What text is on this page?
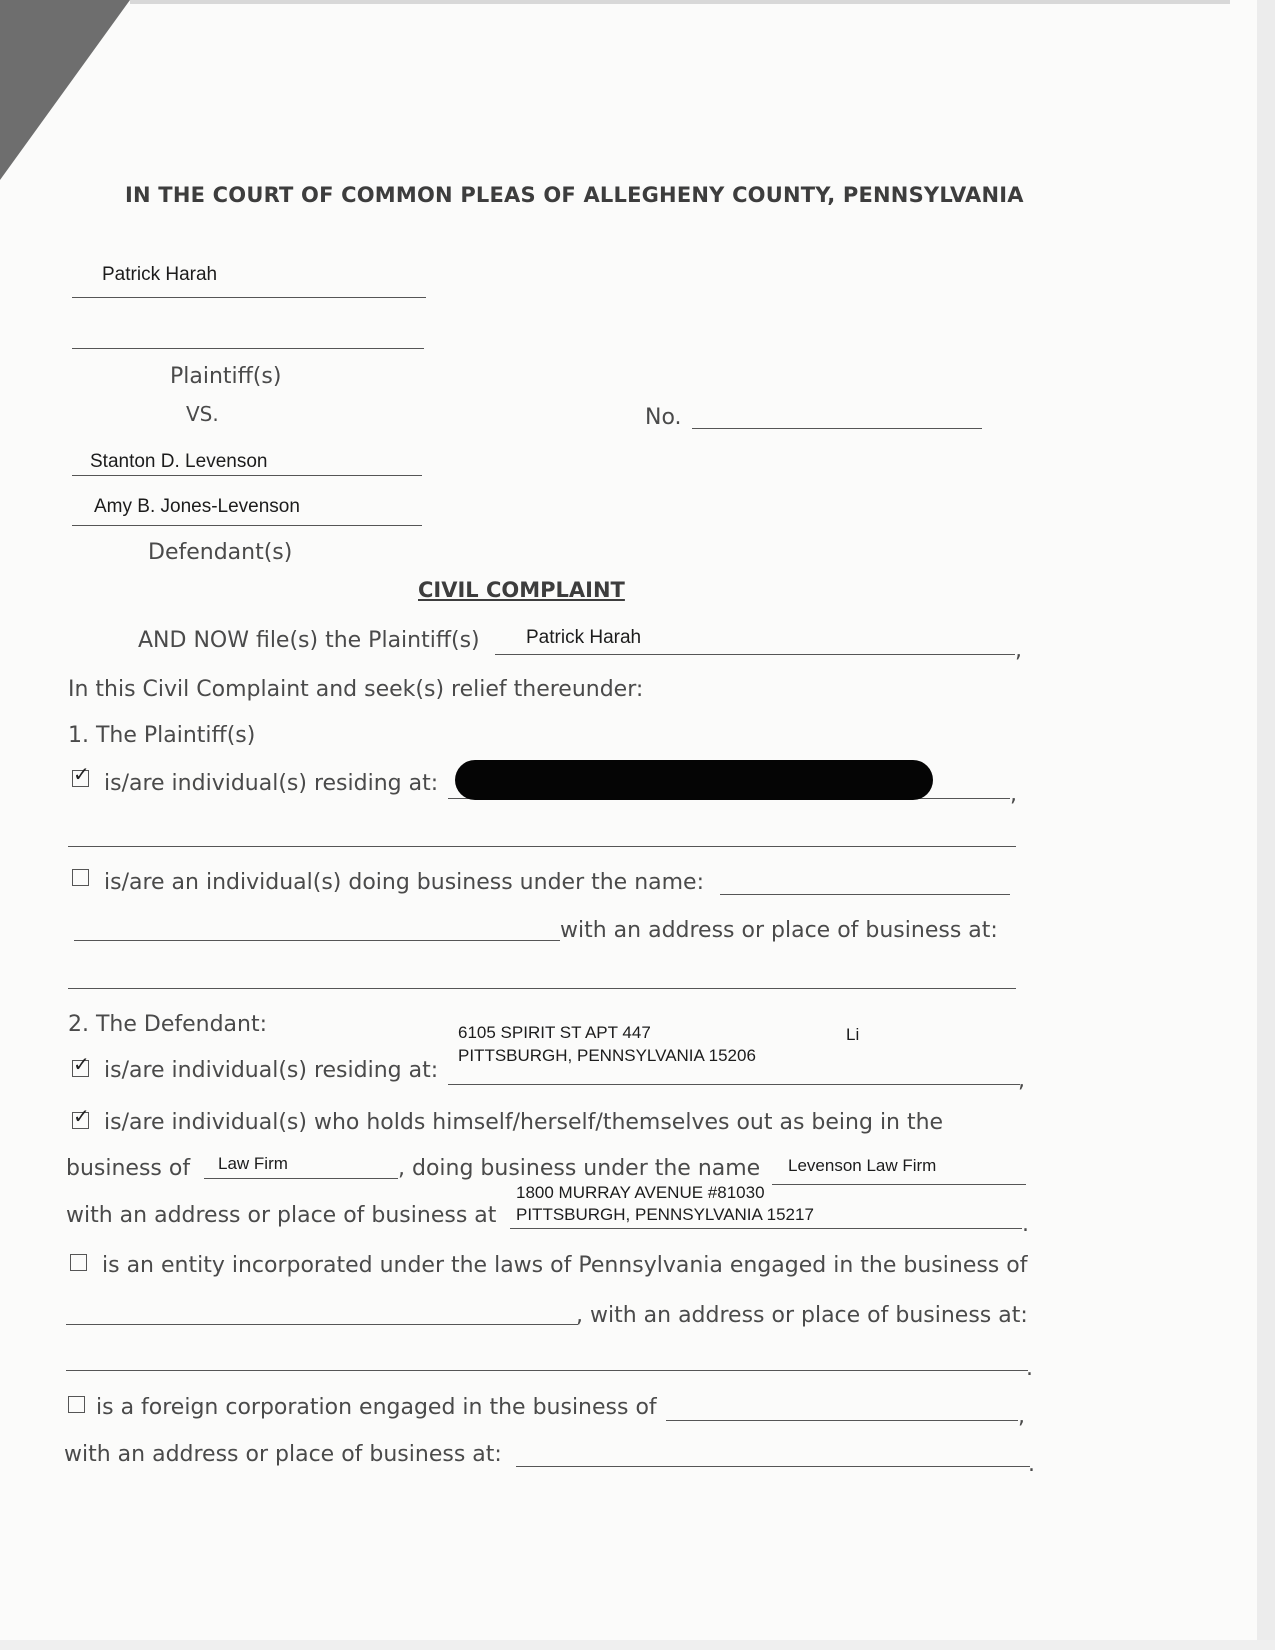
IN THE COURT OF COMMON PLEAS OF ALLEGHENY COUNTY, PENNSYLVANIA
Patrick Harah
Plaintiff(s)
VS.	No.
Stanton D. Levenson
Amy B. Jones-Levenson
Defendant(s)
CIVIL COMPLAINT
AND NOW file(s) the Plaintiff(s) Patrick Harah
,
In this Civil Complaint and seek(s) relief thereunder:
1. The Plaintiff(s)
✓ is/are individual(s) residing at:	,
is/are an individual(s) doing business under the name:
with an address or place of business at:
2. The Defendant:	6105 SPIRIT ST APT 447
PITTSBURGH, PENNSYLVANIA 15206
Li
✓ is/are individual(s) residing at:	,
✓ is/are individual(s) who holds himself/herself/themselves out as being in the
business of Law Firm	, doing business under the name Levenson Law Firm
1800 MURRAY AVENUE #81030
with an address or place of business at PITTSBURGH, PENNSYLVANIA 15217	.
is an entity incorporated under the laws of Pennsylvania engaged in the business of
, with an address or place of business at:
.
is a foreign corporation engaged in the business of	,
with an address or place of business at:	.
